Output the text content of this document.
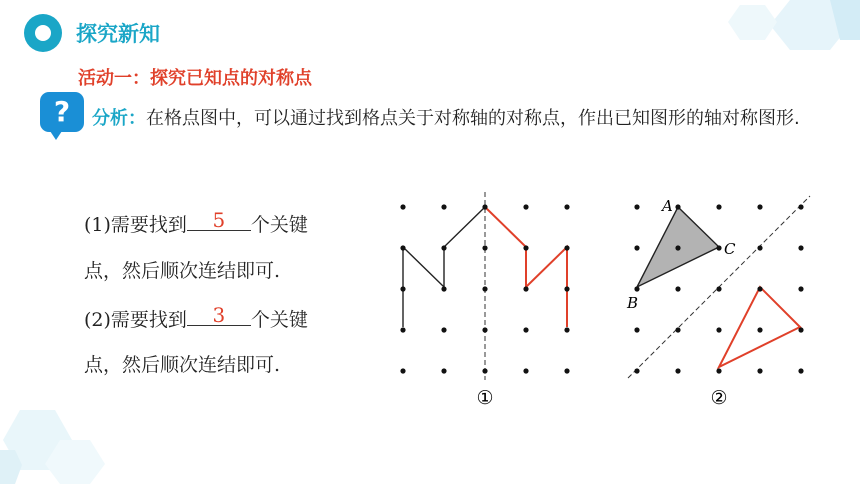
探究新知
活动一：探究已知点的对称点
?	分析：在格点图中，可以通过找到格点关于对称轴的对称点，作出已知图形的轴对称图形.
(1)需要找到	5	个关键
点，然后顺次连结即可.
(2)需要找到	3	个关键
点，然后顺次连结即可.
①
A
B
C
②
